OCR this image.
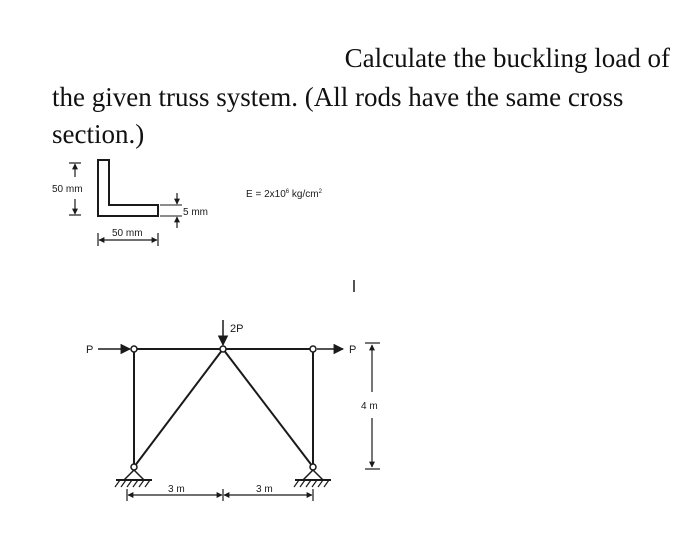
Calculate the buckling load of

the given truss system. (All rods have the same cross

section.)

50 mm
50 mm
5 mm
$E = 2x10^6$ $kg/cm^2$
P	P
2P
4 m
3 m	3 m
